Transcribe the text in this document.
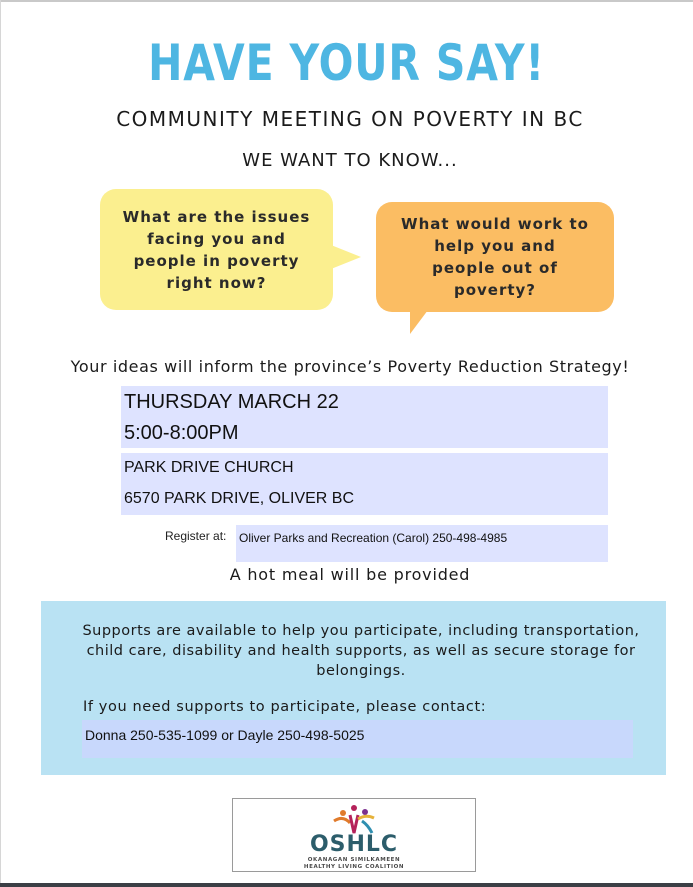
HAVE YOUR SAY!
COMMUNITY MEETING ON POVERTY IN BC
WE WANT TO KNOW...
What are the issues facing you and people in poverty right now?
What would work to help you and people out of poverty?
Your ideas will inform the province’s Poverty Reduction Strategy!
THURSDAY MARCH 22
5:00-8:00PM
PARK DRIVE CHURCH
6570 PARK DRIVE, OLIVER BC
Register at: Oliver Parks and Recreation (Carol) 250-498-4985
A hot meal will be provided
Supports are available to help you participate, including transportation, child care, disability and health supports, as well as secure storage for belongings.
If you need supports to participate, please contact:
Donna 250-535-1099 or Dayle 250-498-5025
OSHLC
OKANAGAN SIMILKAMEEN
HEALTHY LIVING COALITION
